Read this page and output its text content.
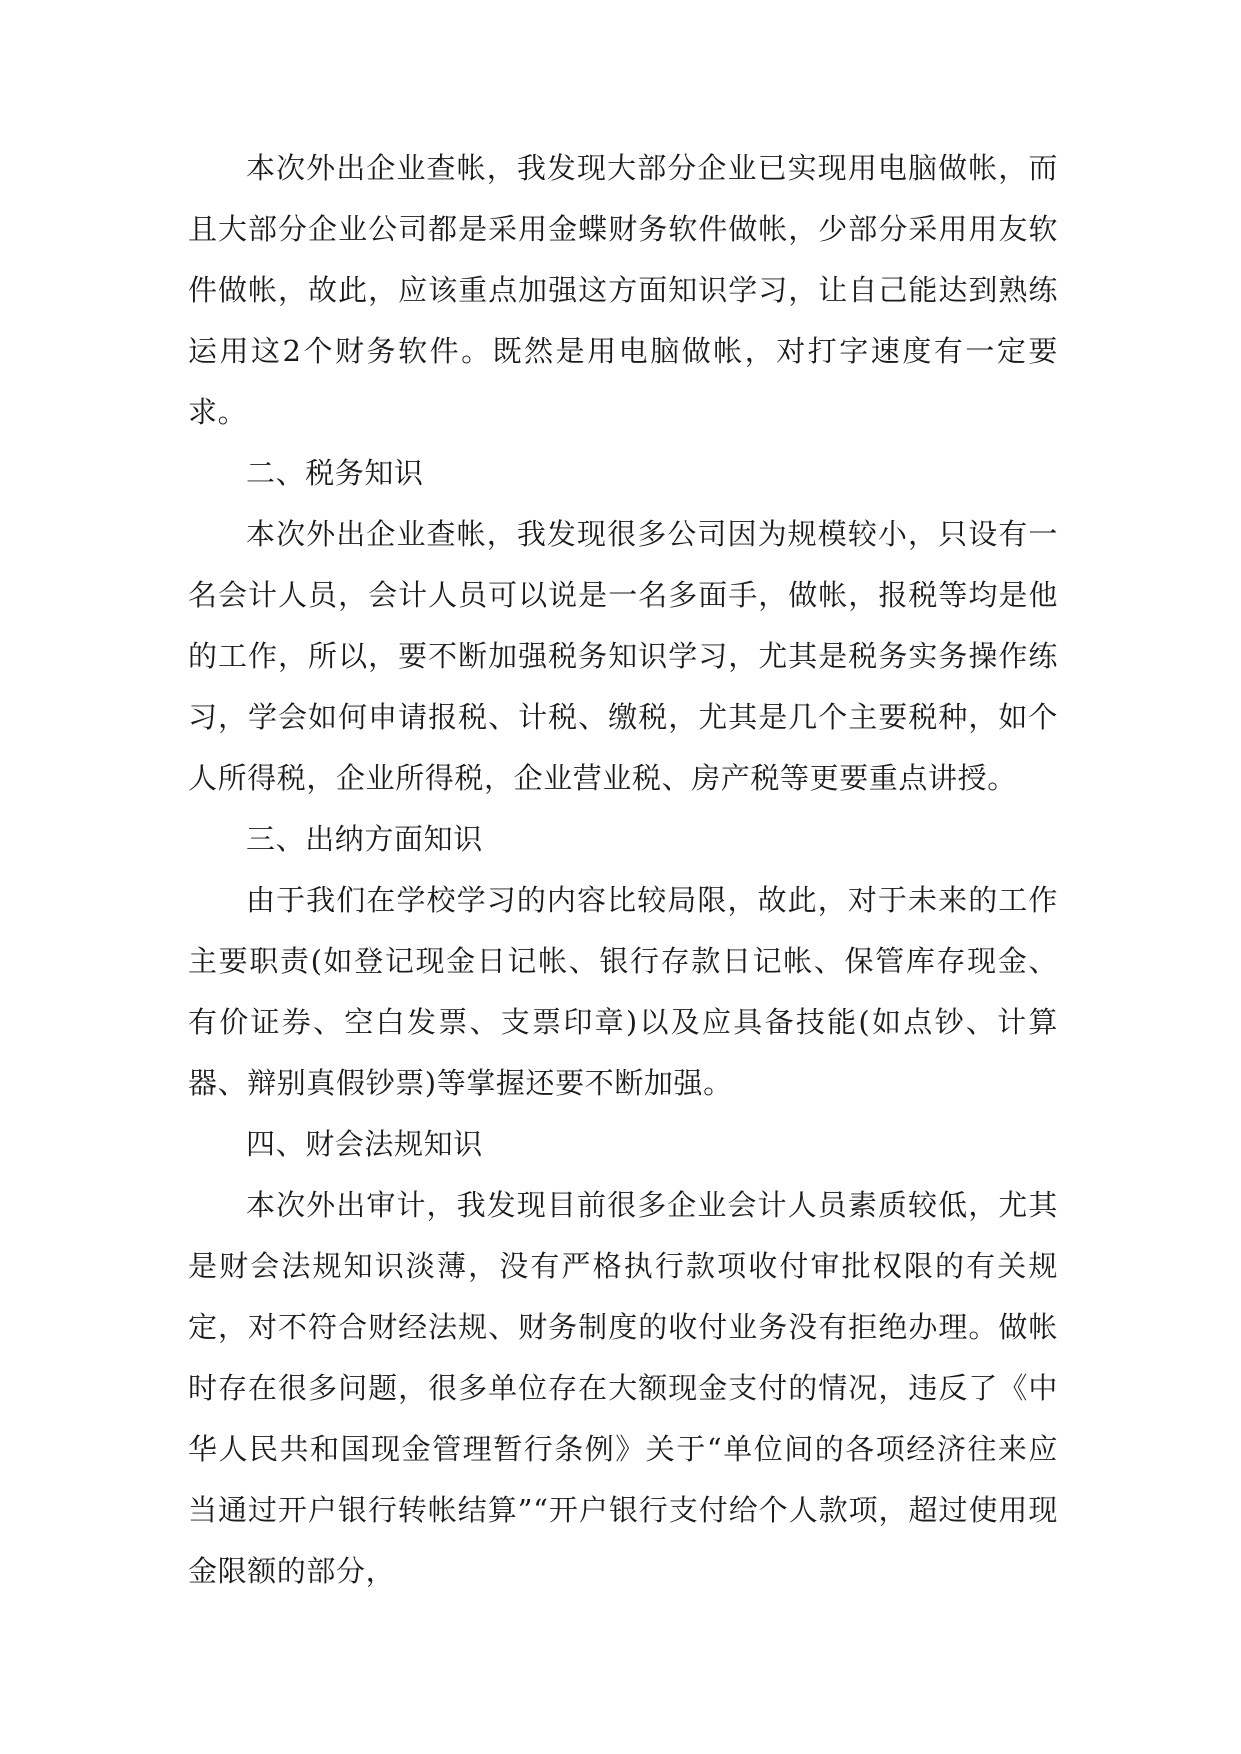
本次外出企业查帐，我发现大部分企业已实现用电脑做帐，而且大部分企业公司都是采用金蝶财务软件做帐，少部分采用用友软件做帐，故此，应该重点加强这方面知识学习，让自己能达到熟练运用这2个财务软件。既然是用电脑做帐，对打字速度有一定要求。

二、税务知识

本次外出企业查帐，我发现很多公司因为规模较小，只设有一名会计人员，会计人员可以说是一名多面手，做帐，报税等均是他的工作，所以，要不断加强税务知识学习，尤其是税务实务操作练习，学会如何申请报税、计税、缴税，尤其是几个主要税种，如个人所得税，企业所得税，企业营业税、房产税等更要重点讲授。

三、出纳方面知识

由于我们在学校学习的内容比较局限，故此，对于未来的工作主要职责(如登记现金日记帐、银行存款日记帐、保管库存现金、有价证券、空白发票、支票印章)以及应具备技能(如点钞、计算器、辩别真假钞票)等掌握还要不断加强。

四、财会法规知识

本次外出审计，我发现目前很多企业会计人员素质较低，尤其是财会法规知识淡薄，没有严格执行款项收付审批权限的有关规定，对不符合财经法规、财务制度的收付业务没有拒绝办理。做帐时存在很多问题，很多单位存在大额现金支付的情况，违反了《中华人民共和国现金管理暂行条例》关于“单位间的各项经济往来应当通过开户银行转帐结算”“开户银行支付给个人款项，超过使用现金限额的部分，
